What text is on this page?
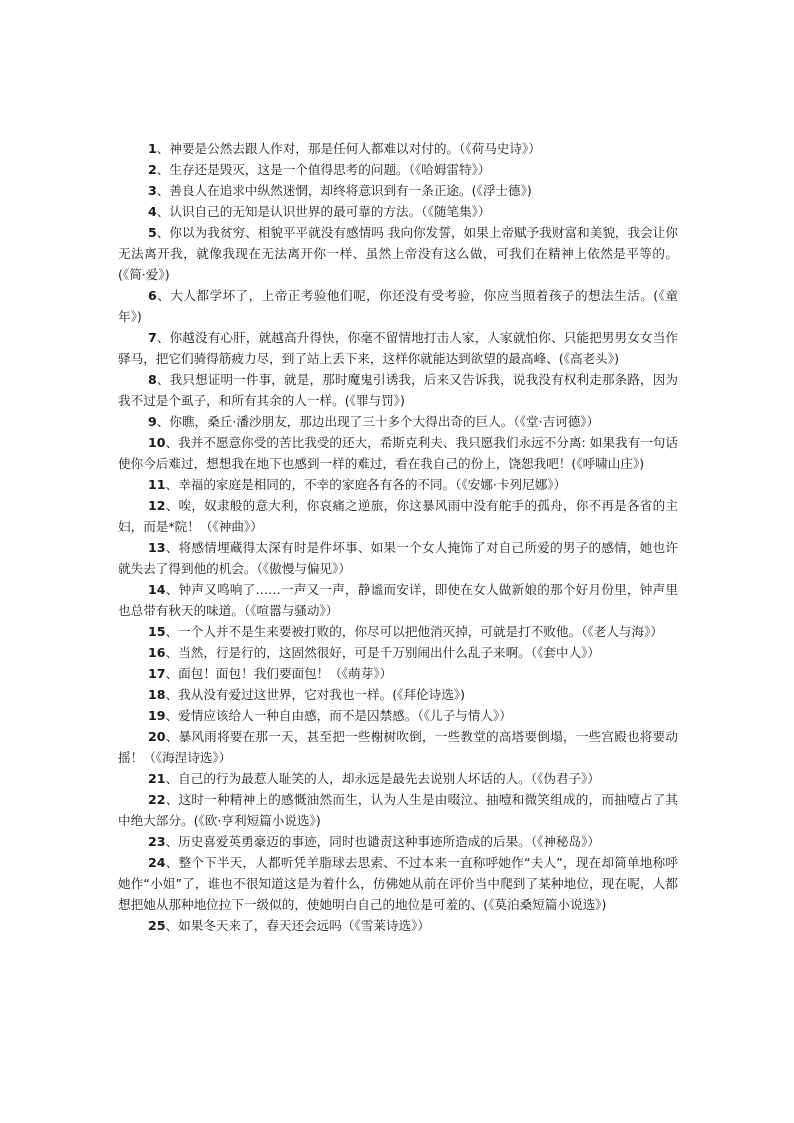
1、神要是公然去跟人作对，那是任何人都难以对付的。（《荷马史诗》）

2、生存还是毁灭，这是一个值得思考的问题。（《哈姆雷特》）

3、善良人在追求中纵然迷惘，却终将意识到有一条正途。(《浮士德》)

4、认识自己的无知是认识世界的最可靠的方法。（《随笔集》）

5、你以为我贫穷、相貌平平就没有感情吗 我向你发誓，如果上帝赋予我财富和美貌，我会让你无法离开我，就像我现在无法离开你一样、虽然上帝没有这么做，可我们在精神上依然是平等的。(《简·爱》)

6、大人都学坏了，上帝正考验他们呢，你还没有受考验，你应当照着孩子的想法生活。(《童年》)

7、你越没有心肝，就越高升得快，你毫不留情地打击人家，人家就怕你、只能把男男女女当作驿马，把它们骑得筋疲力尽，到了站上丢下来，这样你就能达到欲望的最高峰、(《高老头》)

8、我只想证明一件事，就是，那时魔鬼引诱我，后来又告诉我，说我没有权利走那条路，因为我不过是个虱子，和所有其余的人一样。(《罪与罚》)

9、你瞧，桑丘·潘沙朋友，那边出现了三十多个大得出奇的巨人。（《堂·吉诃德》）

10、我并不愿意你受的苦比我受的还大，希斯克利夫、我只愿我们永远不分离: 如果我有一句话使你今后难过，想想我在地下也感到一样的难过，看在我自己的份上，饶恕我吧！(《呼啸山庄》)

11、幸福的家庭是相同的，不幸的家庭各有各的不同。（《安娜·卡列尼娜》）

12、唉，奴隶般的意大利，你哀痛之逆旅，你这暴风雨中没有舵手的孤舟，你不再是各省的主妇，而是*院！（《神曲》）

13、将感情埋藏得太深有时是件坏事、如果一个女人掩饰了对自己所爱的男子的感情，她也许就失去了得到他的机会。（《傲慢与偏见》）

14、钟声又鸣响了……一声又一声，静谧而安详，即使在女人做新娘的那个好月份里，钟声里也总带有秋天的味道。（《喧嚣与骚动》）

15、一个人并不是生来要被打败的，你尽可以把他消灭掉，可就是打不败他。（《老人与海》）

16、当然，行是行的，这固然很好，可是千万别闹出什么乱子来啊。（《套中人》）

17、面包！面包！我们要面包！（《萌芽》）

18、我从没有爱过这世界，它对我也一样。(《拜伦诗选》)

19、爱情应该给人一种自由感，而不是囚禁感。（《儿子与情人》）

20、暴风雨将要在那一天，甚至把一些榭树吹倒，一些教堂的高塔要倒塌，一些宫殿也将要动摇！（《海涅诗选》）

21、自己的行为最惹人耻笑的人，却永远是最先去说别人坏话的人。（《伪君子》）

22、这时一种精神上的感慨油然而生，认为人生是由啜泣、抽噎和微笑组成的，而抽噎占了其中绝大部分。(《欧·亨利短篇小说选》)

23、历史喜爱英勇豪迈的事迹，同时也谴责这种事迹所造成的后果。（《神秘岛》）

24、整个下半天，人都听凭羊脂球去思索、不过本来一直称呼她作“夫人”，现在却简单地称呼她作“小姐”了，谁也不很知道这是为着什么，仿佛她从前在评价当中爬到了某种地位，现在呢，人都想把她从那种地位拉下一级似的，使她明白自己的地位是可羞的、(《莫泊桑短篇小说选》)

25、如果冬天来了，春天还会远吗（《雪莱诗选》）
